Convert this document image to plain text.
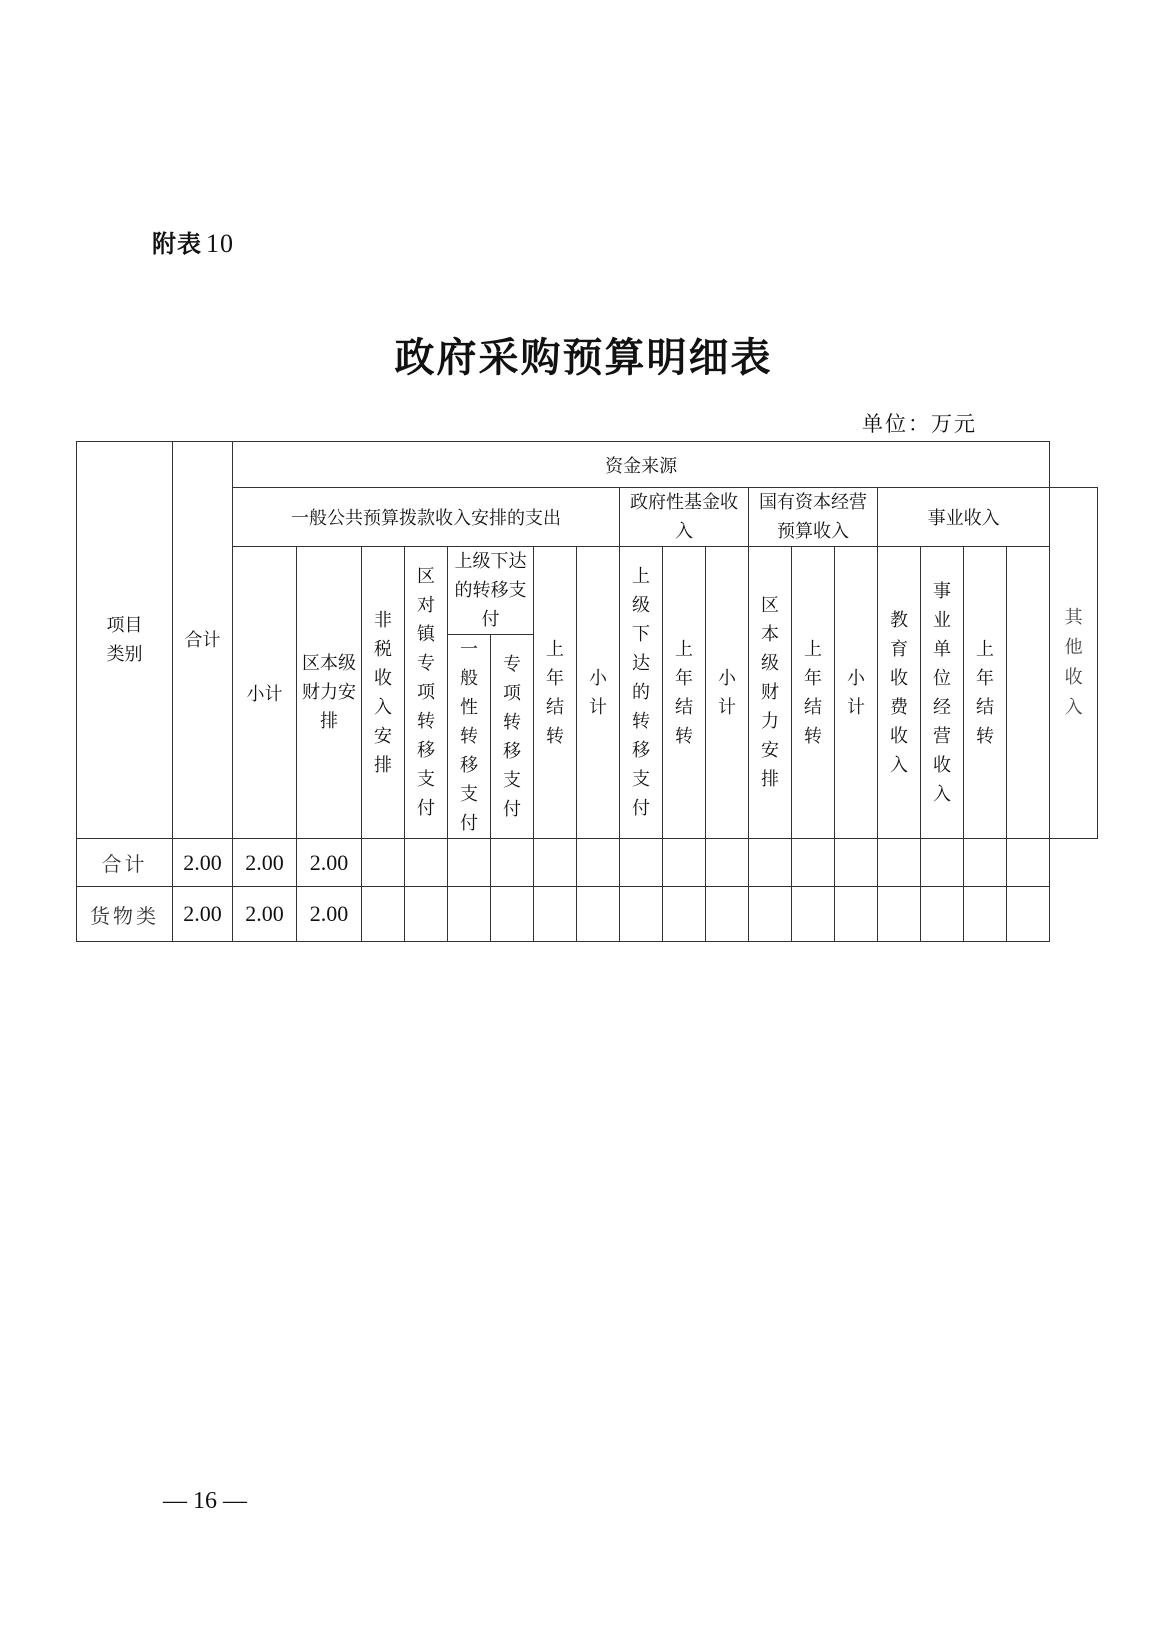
附表 10
政府采购预算明细表
单位：万元
项目类别	合计	资金来源																		
		一般公共预算拨款收入安排的支出								政府性基金收入			国有资本经营预算收入			事业收入				其他收入
		小计	区本级财力安排	非税收入安排	区对镇专项转移支付	上级下达的转移支付		上年结转	小计	上级下达的转移支付	上年结转	小计	区本级财力安排	上年结转	小计	教育收费收入	事业单位经营收入	上年结转		
						一般性转移支付	专项转移支付													
合计	2.00	2.00	2.00																	
货物类	2.00	2.00	2.00																	
— 16 —
